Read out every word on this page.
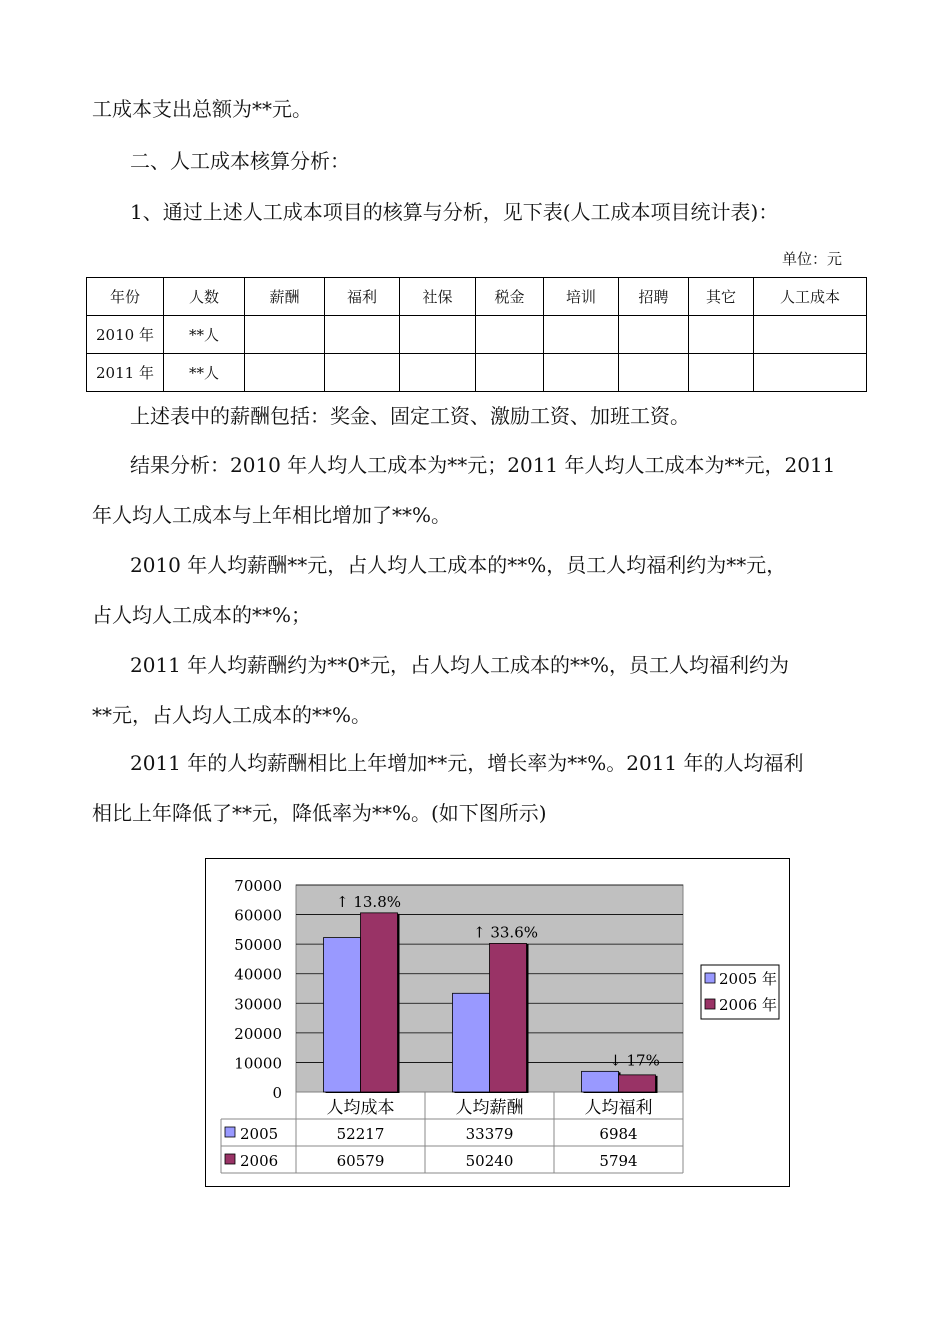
工成本支出总额为**元。
二、人工成本核算分析：
1、通过上述人工成本项目的核算与分析，见下表(人工成本项目统计表)：
单位：元
年份	人数	薪酬	福利	社保	税金	培训	招聘	其它	人工成本
2010 年	**人								
2011 年	**人								
上述表中的薪酬包括：奖金、固定工资、激励工资、加班工资。
结果分析：2010 年人均人工成本为**元；2011 年人均人工成本为**元，2011
年人均人工成本与上年相比增加了**%。
2010 年人均薪酬**元，占人均人工成本的**%，员工人均福利约为**元，
占人均人工成本的**%；
2011 年人均薪酬约为**0*元，占人均人工成本的**%，员工人均福利约为
**元，占人均人工成本的**%。
2011 年的人均薪酬相比上年增加**元，增长率为**%。2011 年的人均福利
相比上年降低了**元，降低率为**%。(如下图所示)
0
10000
20000
30000
40000
50000
60000
70000
↑ 13.8%
↑ 33.6%
↓ 17%
人均成本	人均薪酬	人均福利
2005	52217	33379	6984
2006	60579	50240	5794
2005 年
2006 年
